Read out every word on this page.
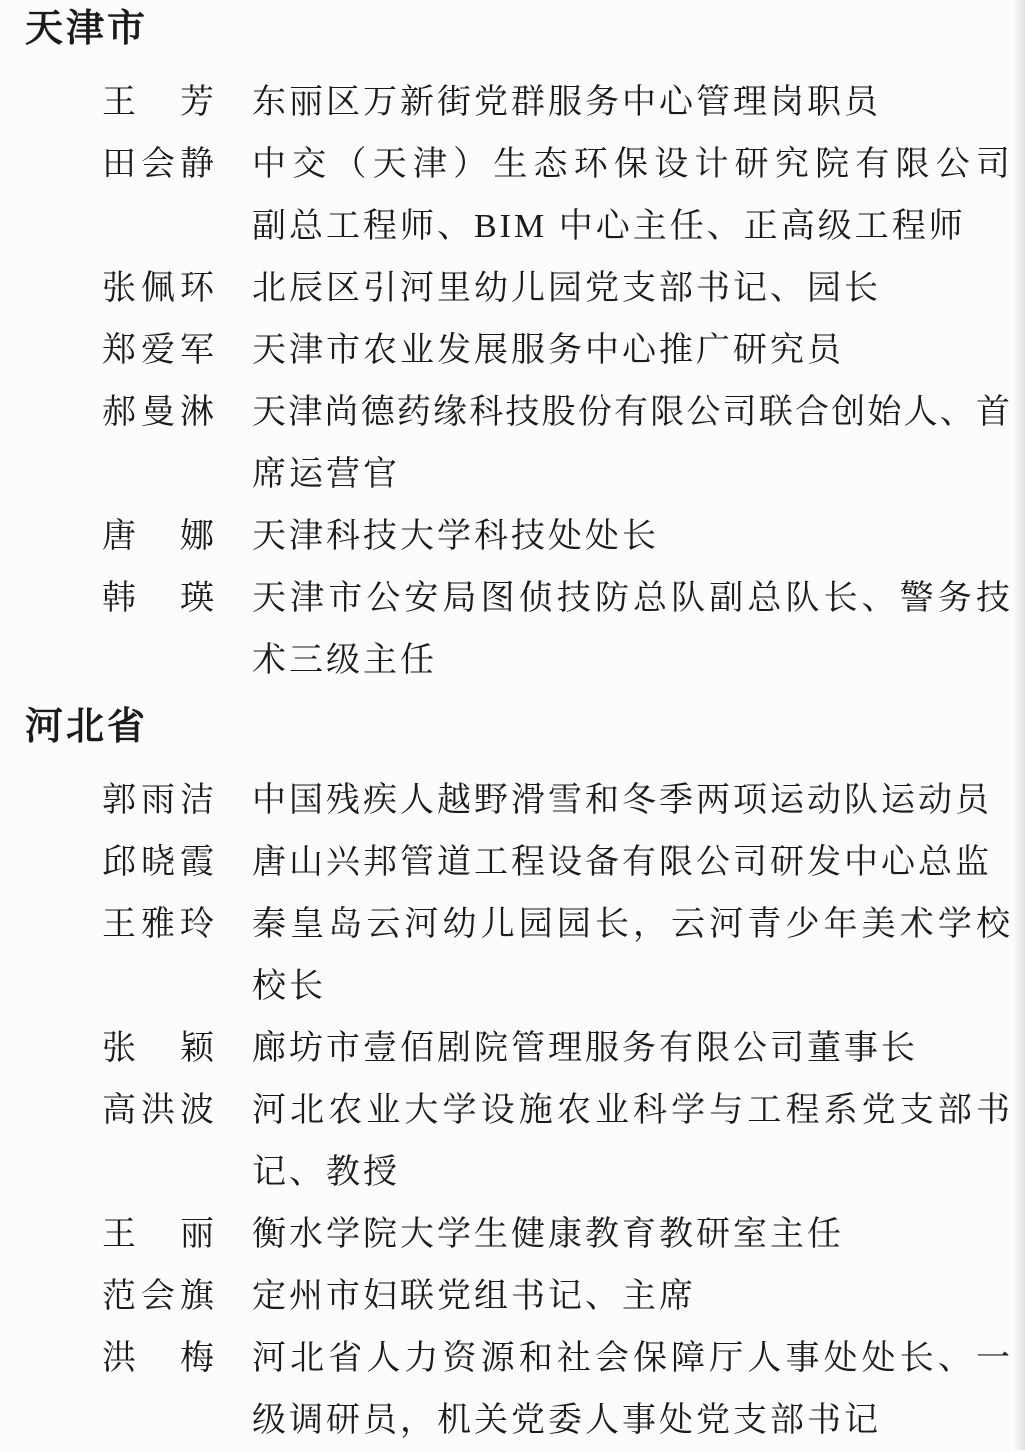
天津市
王芳 东丽区万新街党群服务中心管理岗职员
田会静 中交（天津）生态环保设计研究院有限公司
副总工程师、BIM 中心主任、正高级工程师
张佩环 北辰区引河里幼儿园党支部书记、园长
郑爱军 天津市农业发展服务中心推广研究员
郝曼淋 天津尚德药缘科技股份有限公司联合创始人、首
席运营官
唐娜 天津科技大学科技处处长
韩瑛 天津市公安局图侦技防总队副总队长、警务技
术三级主任
河北省
郭雨洁 中国残疾人越野滑雪和冬季两项运动队运动员
邱晓霞 唐山兴邦管道工程设备有限公司研发中心总监
王雅玲 秦皇岛云河幼儿园园长，云河青少年美术学校
校长
张颖 廊坊市壹佰剧院管理服务有限公司董事长
高洪波 河北农业大学设施农业科学与工程系党支部书
记、教授
王丽 衡水学院大学生健康教育教研室主任
范会旗 定州市妇联党组书记、主席
洪梅 河北省人力资源和社会保障厅人事处处长、一
级调研员，机关党委人事处党支部书记
